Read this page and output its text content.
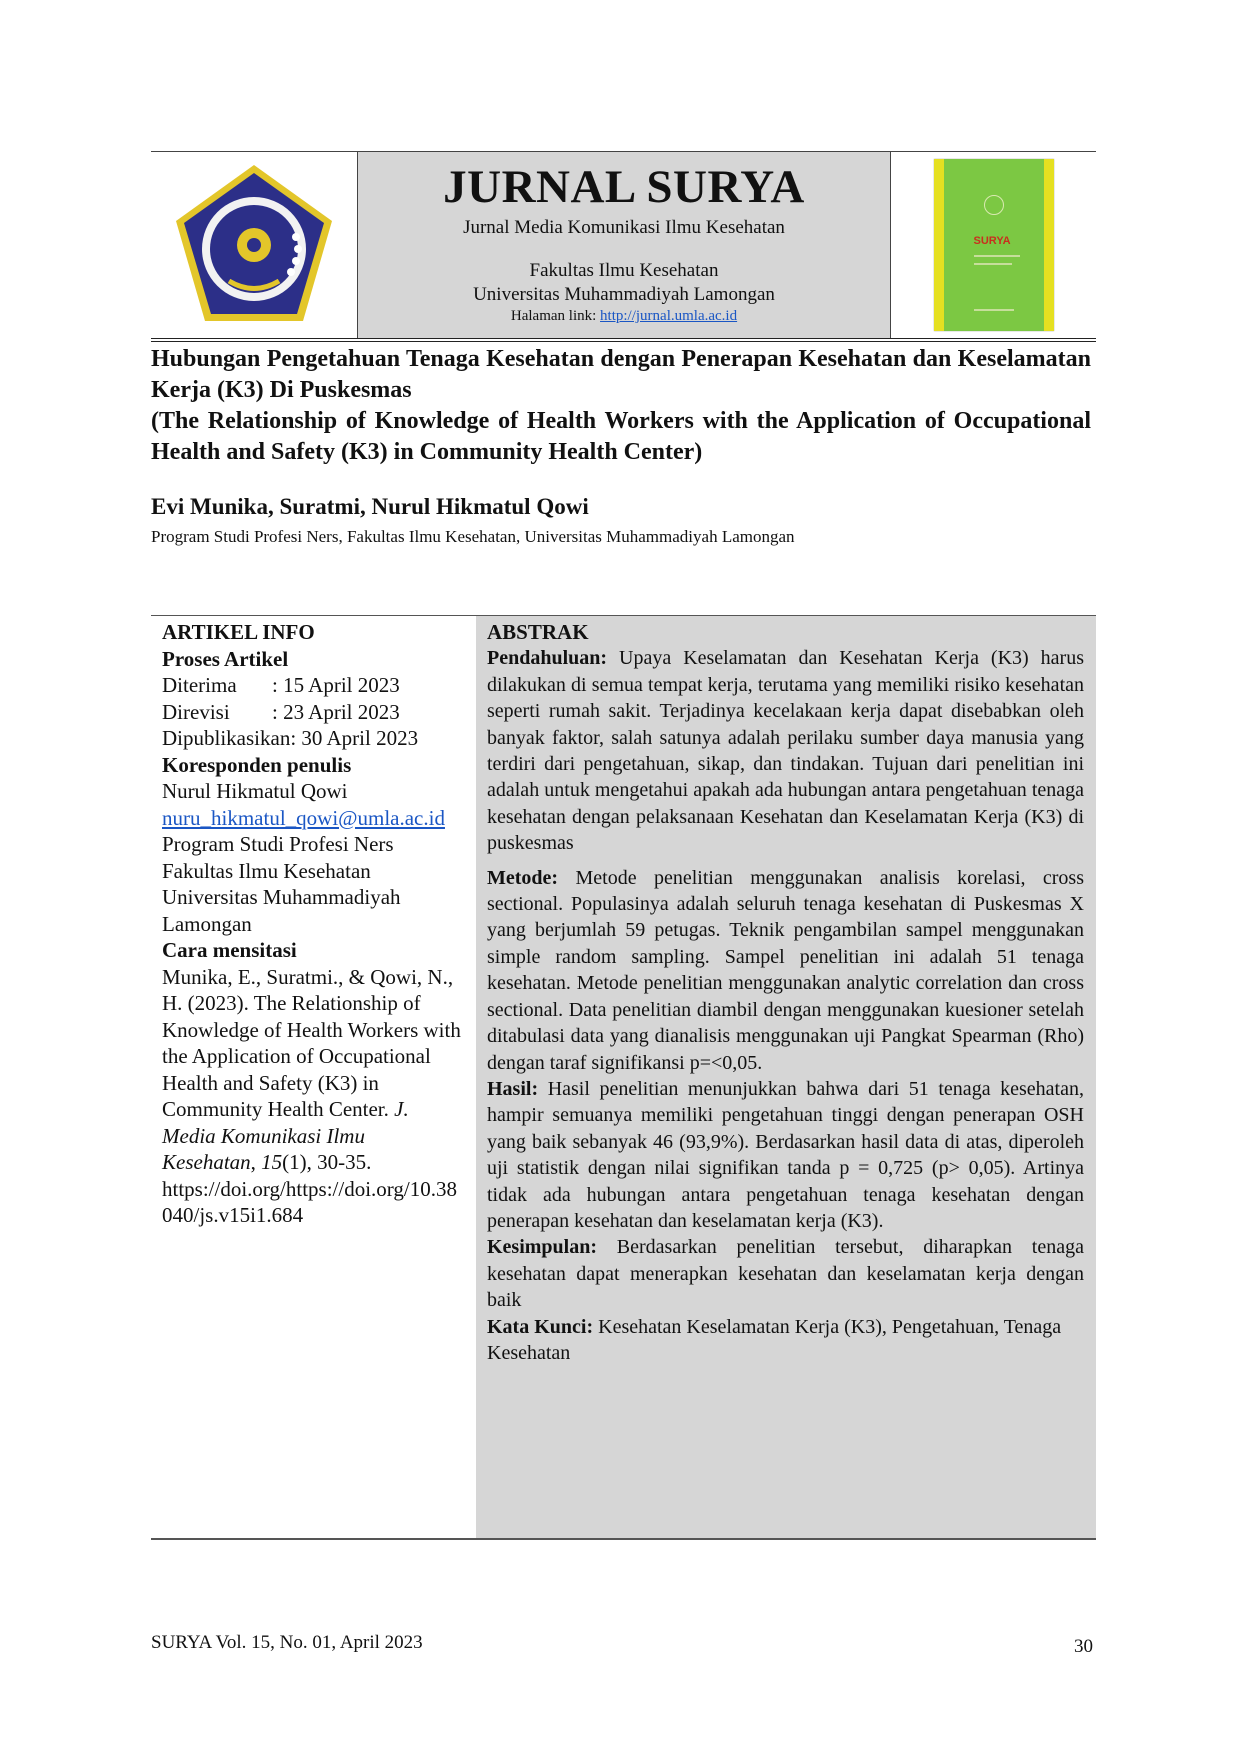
JURNAL SURYA
Jurnal Media Komunikasi Ilmu Kesehatan
Fakultas Ilmu Kesehatan
Universitas Muhammadiyah Lamongan
Halaman link: http://jurnal.umla.ac.id
SURYA
Hubungan Pengetahuan Tenaga Kesehatan dengan Penerapan Kesehatan dan Keselamatan Kerja (K3) Di Puskesmas
(The Relationship of Knowledge of Health Workers with the Application of Occupational Health and Safety (K3) in Community Health Center)
Evi Munika, Suratmi, Nurul Hikmatul Qowi
Program Studi Profesi Ners, Fakultas Ilmu Kesehatan, Universitas Muhammadiyah Lamongan
ARTIKEL INFO

Proses Artikel

Diterima	: 15 April 2023
Direvisi	: 23 April 2023

Dipublikasikan: 30 April 2023

Koresponden penulis

Nurul Hikmatul Qowi

nuru_hikmatul_qowi@umla.ac.id

Program Studi Profesi Ners

Fakultas Ilmu Kesehatan

Universitas Muhammadiyah

Lamongan

Cara mensitasi

Munika, E., Suratmi., & Qowi, N., H. (2023). The Relationship of Knowledge of Health Workers with the Application of Occupational Health and Safety (K3) in Community Health Center. J. Media Komunikasi Ilmu Kesehatan, 15(1), 30-35. https://doi.org/https://doi.org/10.38040/js.v15i1.684

ABSTRAK

Pendahuluan: Upaya Keselamatan dan Kesehatan Kerja (K3) harus dilakukan di semua tempat kerja, terutama yang memiliki risiko kesehatan seperti rumah sakit. Terjadinya kecelakaan kerja dapat disebabkan oleh banyak faktor, salah satunya adalah perilaku sumber daya manusia yang terdiri dari pengetahuan, sikap, dan tindakan. Tujuan dari penelitian ini adalah untuk mengetahui apakah ada hubungan antara pengetahuan tenaga kesehatan dengan pelaksanaan Kesehatan dan Keselamatan Kerja (K3) di puskesmas

Metode: Metode penelitian menggunakan analisis korelasi, cross sectional. Populasinya adalah seluruh tenaga kesehatan di Puskesmas X yang berjumlah 59 petugas. Teknik pengambilan sampel menggunakan simple random sampling. Sampel penelitian ini adalah 51 tenaga kesehatan. Metode penelitian menggunakan analytic correlation dan cross sectional. Data penelitian diambil dengan menggunakan kuesioner setelah ditabulasi data yang dianalisis menggunakan uji Pangkat Spearman (Rho) dengan taraf signifikansi p=<0,05.

Hasil: Hasil penelitian menunjukkan bahwa dari 51 tenaga kesehatan, hampir semuanya memiliki pengetahuan tinggi dengan penerapan OSH yang baik sebanyak 46 (93,9%). Berdasarkan hasil data di atas, diperoleh uji statistik dengan nilai signifikan tanda p = 0,725 (p> 0,05). Artinya tidak ada hubungan antara pengetahuan tenaga kesehatan dengan penerapan kesehatan dan keselamatan kerja (K3).

Kesimpulan: Berdasarkan penelitian tersebut, diharapkan tenaga kesehatan dapat menerapkan kesehatan dan keselamatan kerja dengan baik

Kata Kunci: Kesehatan Keselamatan Kerja (K3), Pengetahuan, Tenaga Kesehatan

SURYA Vol. 15, No. 01, April 2023	30
